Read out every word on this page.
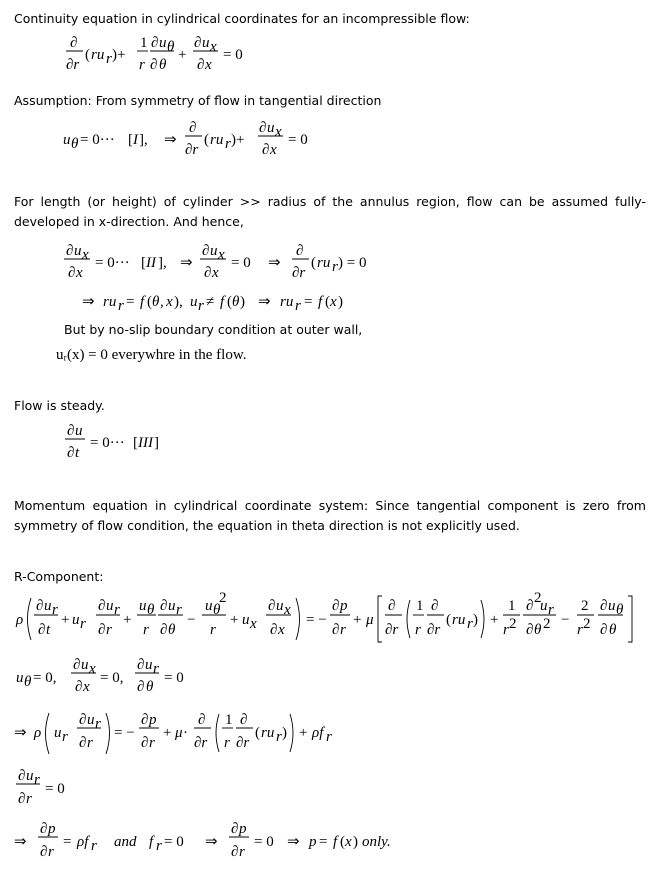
Continuity equation in cylindrical coordinates for an incompressible flow:
∂
∂r
( ru r )+
1
r
∂ u θ
∂ θ
+
∂ u x
∂ x
= 0
Assumption: From symmetry of flow in tangential direction
u θ = 0··· [ I ], ⇒
∂
∂r
( ru r )+
∂ u x
∂ x
= 0
For length (or height) of cylinder >> radius of the annulus region, flow can be assumed fully-developed in x-direction. And hence,
∂ u x
∂ x
= 0··· [ II ], ⇒
∂ u x
∂ x
= 0 ⇒
∂
∂r
( ru r ) = 0
⇒ ru r = f ( θ , x ), u r ≠ f ( θ ) ⇒ ru r = f ( x )
But by no-slip boundary condition at outer wall,
uᵣ(x) = 0 everywhre in the flow.
Flow is steady.
∂ u
∂ t
= 0··· [ III ]
Momentum equation in cylindrical coordinate system: Since tangential component is zero from symmetry of flow condition, the equation in theta direction is not explicitly used.
R-Component:
ρ
∂ u r
∂ t
+ u r
∂ u r
∂ r
+
u θ
r
∂ u r
∂ θ
−
u θ
2
r
+ u x
∂ u x
∂ x
= −
∂ p
∂ r
+ μ
∂
∂r
1
r
∂
∂r
( ru r ) +
1
r 2
∂ 2
u r
∂ θ 2 −
2
r 2
∂ u θ
∂ θ
u θ = 0,
∂ u x
∂ x
= 0,
∂ u r
∂ θ
= 0
⇒ ρ u r
∂ u r
∂ r
= −
∂ p
∂ r
+ μ ·
∂
∂r
1
r
∂
∂r
( ru r ) + ρf r
∂ u r
∂ r
= 0
⇒
∂ p
∂ r
= ρf r and f r = 0 ⇒
∂ p
∂ r
= 0 ⇒ p = f ( x ) only.
